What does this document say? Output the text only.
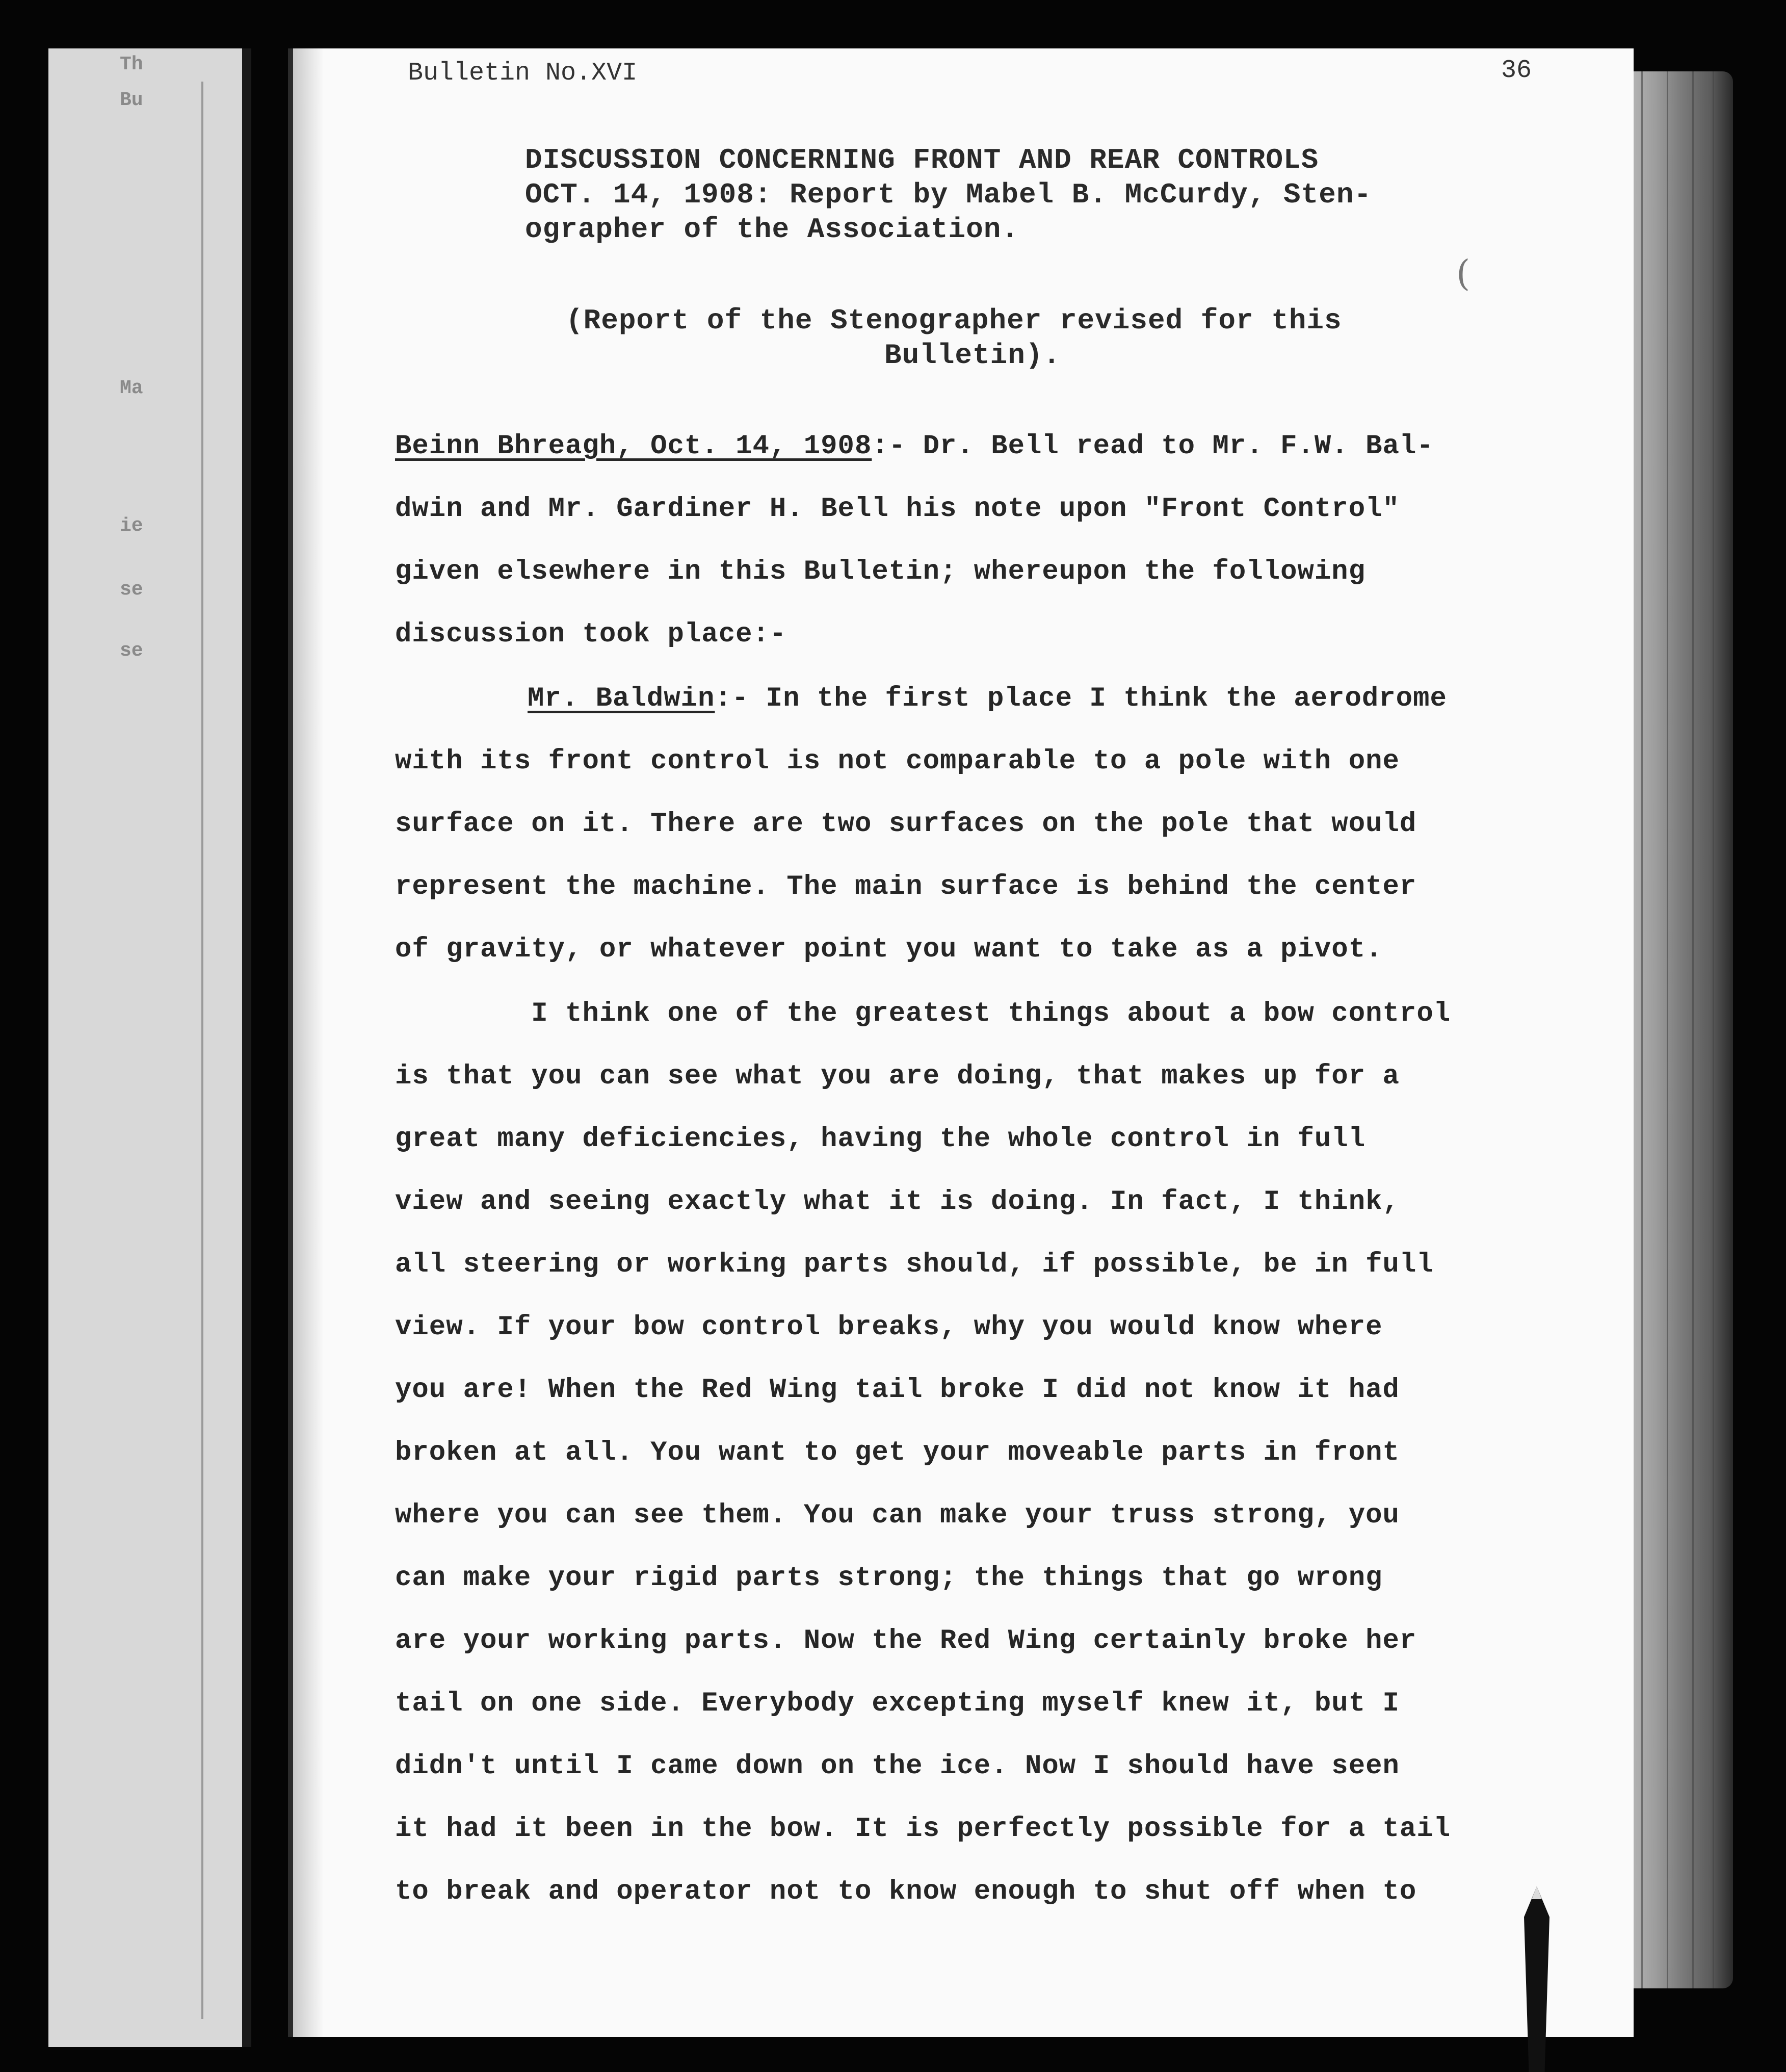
Th
Bu
Ma
ie
se
se

Bulletin No.XVI	36

DISCUSSION CONCERNING FRONT AND REAR CONTROLS

OCT. 14, 1908: Report by Mabel B. McCurdy, Sten-

ographer of the Association.

(

(Report of the Stenographer revised for this

Bulletin).

Beinn Bhreagh, Oct. 14, 1908:- Dr. Bell read to Mr. F.W. Bal-

dwin and Mr. Gardiner H. Bell his note upon "Front Control"

given elsewhere in this Bulletin; whereupon the following

discussion took place:-

Mr. Baldwin:- In the first place I think the aerodrome

with its front control is not comparable to a pole with one

surface on it. There are two surfaces on the pole that would

represent the machine. The main surface is behind the center

of gravity, or whatever point you want to take as a pivot.

I think one of the greatest things about a bow control

is that you can see what you are doing, that makes up for a

great many deficiencies, having the whole control in full

view and seeing exactly what it is doing. In fact, I think,

all steering or working parts should, if possible, be in full

view. If your bow control breaks, why you would know where

you are! When the Red Wing tail broke I did not know it had

broken at all. You want to get your moveable parts in front

where you can see them. You can make your truss strong, you

can make your rigid parts strong; the things that go wrong

are your working parts. Now the Red Wing certainly broke her

tail on one side. Everybody excepting myself knew it, but I

didn't until I came down on the ice. Now I should have seen

it had it been in the bow. It is perfectly possible for a tail

to break and operator not to know enough to shut off when to
